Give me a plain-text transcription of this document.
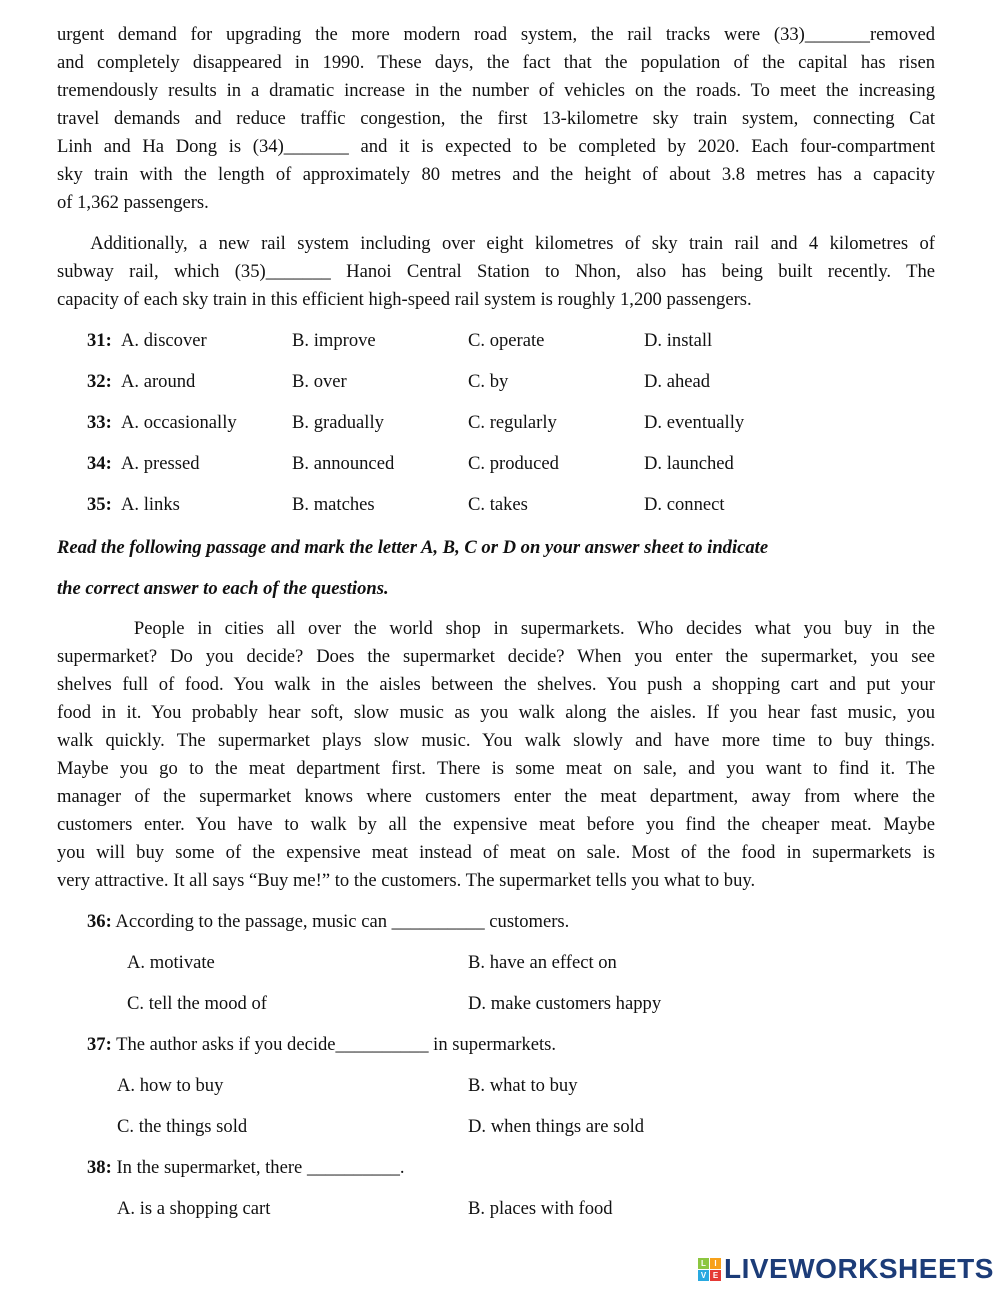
urgent demand for upgrading the more modern road system, the rail tracks were (33)_______removed
and completely disappeared in 1990. These days, the fact that the population of the capital has risen
tremendously results in a dramatic increase in the number of vehicles on the roads. To meet the increasing
travel demands and reduce traffic congestion, the first 13-kilometre sky train system, connecting Cat
Linh and Ha Dong is (34)_______ and it is expected to be completed by 2020. Each four-compartment
sky train with the length of approximately 80 metres and the height of about 3.8 metres has a capacity
of 1,362 passengers.
Additionally, a new rail system including over eight kilometres of sky train rail and 4 kilometres of
subway rail, which (35)_______ Hanoi Central Station to Nhon, also has being built recently. The
capacity of each sky train in this efficient high-speed rail system is roughly 1,200 passengers.
31: A. discover	B. improve	C. operate	D. install
32: A. around	B. over	C. by	D. ahead
33: A. occasionally	B. gradually	C. regularly	D. eventually
34: A. pressed	B. announced	C. produced	D. launched
35: A. links	B. matches	C. takes	D. connect
Read the following passage and mark the letter A, B, C or D on your answer sheet to indicate
the correct answer to each of the questions.
People in cities all over the world shop in supermarkets. Who decides what you buy in the
supermarket? Do you decide? Does the supermarket decide? When you enter the supermarket, you see
shelves full of food. You walk in the aisles between the shelves. You push a shopping cart and put your
food in it. You probably hear soft, slow music as you walk along the aisles. If you hear fast music, you
walk quickly. The supermarket plays slow music. You walk slowly and have more time to buy things.
Maybe you go to the meat department first. There is some meat on sale, and you want to find it. The
manager of the supermarket knows where customers enter the meat department, away from where the
customers enter. You have to walk by all the expensive meat before you find the cheaper meat. Maybe
you will buy some of the expensive meat instead of meat on sale. Most of the food in supermarkets is
very attractive. It all says “Buy me!” to the customers. The supermarket tells you what to buy.
36: According to the passage, music can __________ customers.
A. motivate	B. have an effect on
C. tell the mood of	D. make customers happy
37: The author asks if you decide__________ in supermarkets.
A. how to buy	B. what to buy
C. the things sold	D. when things are sold
38: In the supermarket, there __________.
A. is a shopping cart	B. places with food
L	I
V E LIVEWORKSHEETS
